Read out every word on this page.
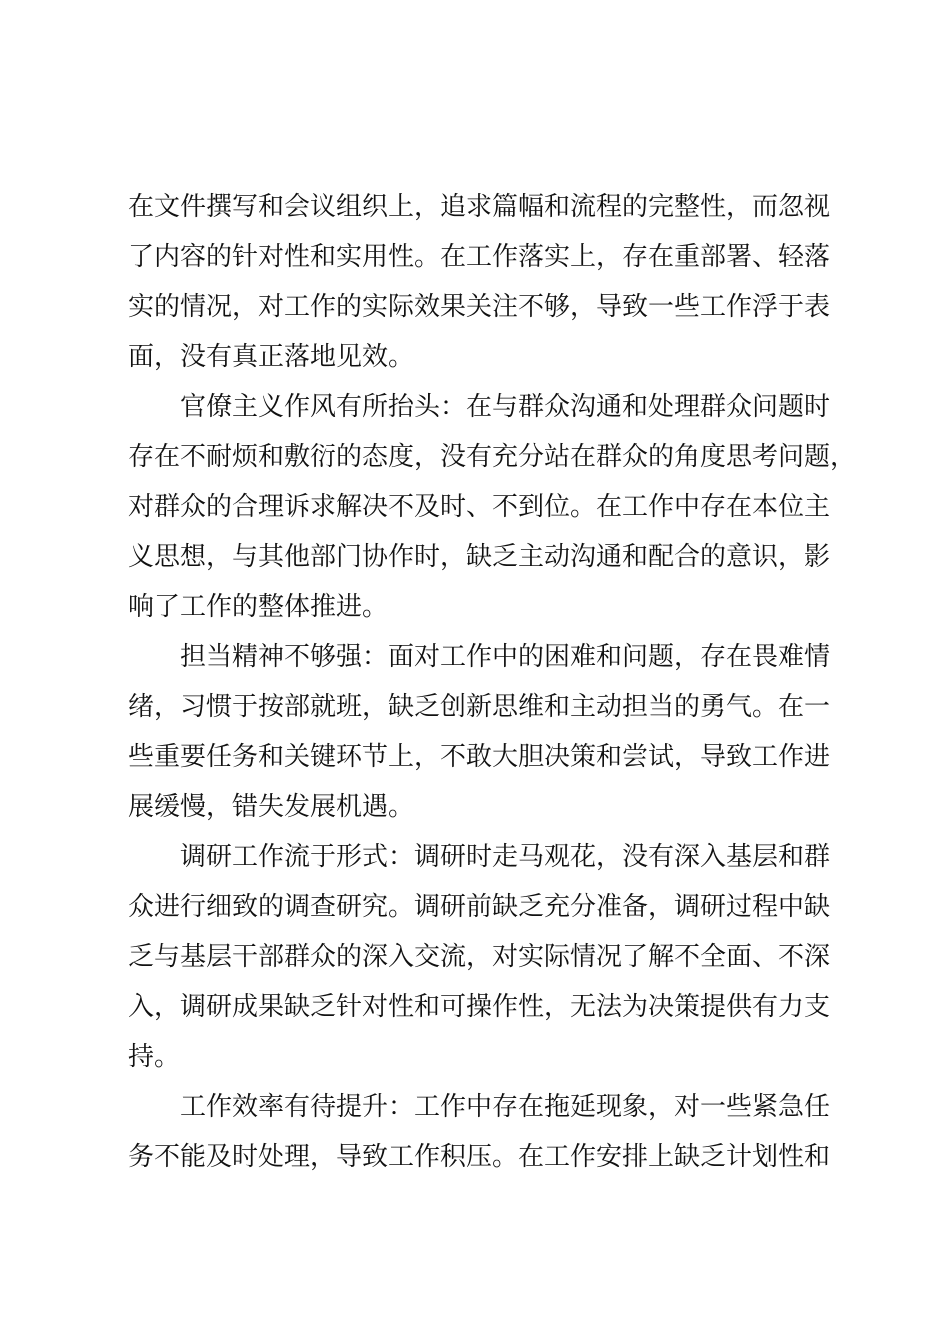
在文件撰写和会议组织上，追求篇幅和流程的完整性，而忽视
了内容的针对性和实用性。在工作落实上，存在重部署、轻落
实的情况，对工作的实际效果关注不够，导致一些工作浮于表
面，没有真正落地见效。
官僚主义作风有所抬头：在与群众沟通和处理群众问题时
存在不耐烦和敷衍的态度，没有充分站在群众的角度思考问题，
对群众的合理诉求解决不及时、不到位。在工作中存在本位主
义思想，与其他部门协作时，缺乏主动沟通和配合的意识，影
响了工作的整体推进。
担当精神不够强：面对工作中的困难和问题，存在畏难情
绪，习惯于按部就班，缺乏创新思维和主动担当的勇气。在一
些重要任务和关键环节上，不敢大胆决策和尝试，导致工作进
展缓慢，错失发展机遇。
调研工作流于形式：调研时走马观花，没有深入基层和群
众进行细致的调查研究。调研前缺乏充分准备，调研过程中缺
乏与基层干部群众的深入交流，对实际情况了解不全面、不深
入，调研成果缺乏针对性和可操作性，无法为决策提供有力支
持。
工作效率有待提升：工作中存在拖延现象，对一些紧急任
务不能及时处理，导致工作积压。在工作安排上缺乏计划性和
